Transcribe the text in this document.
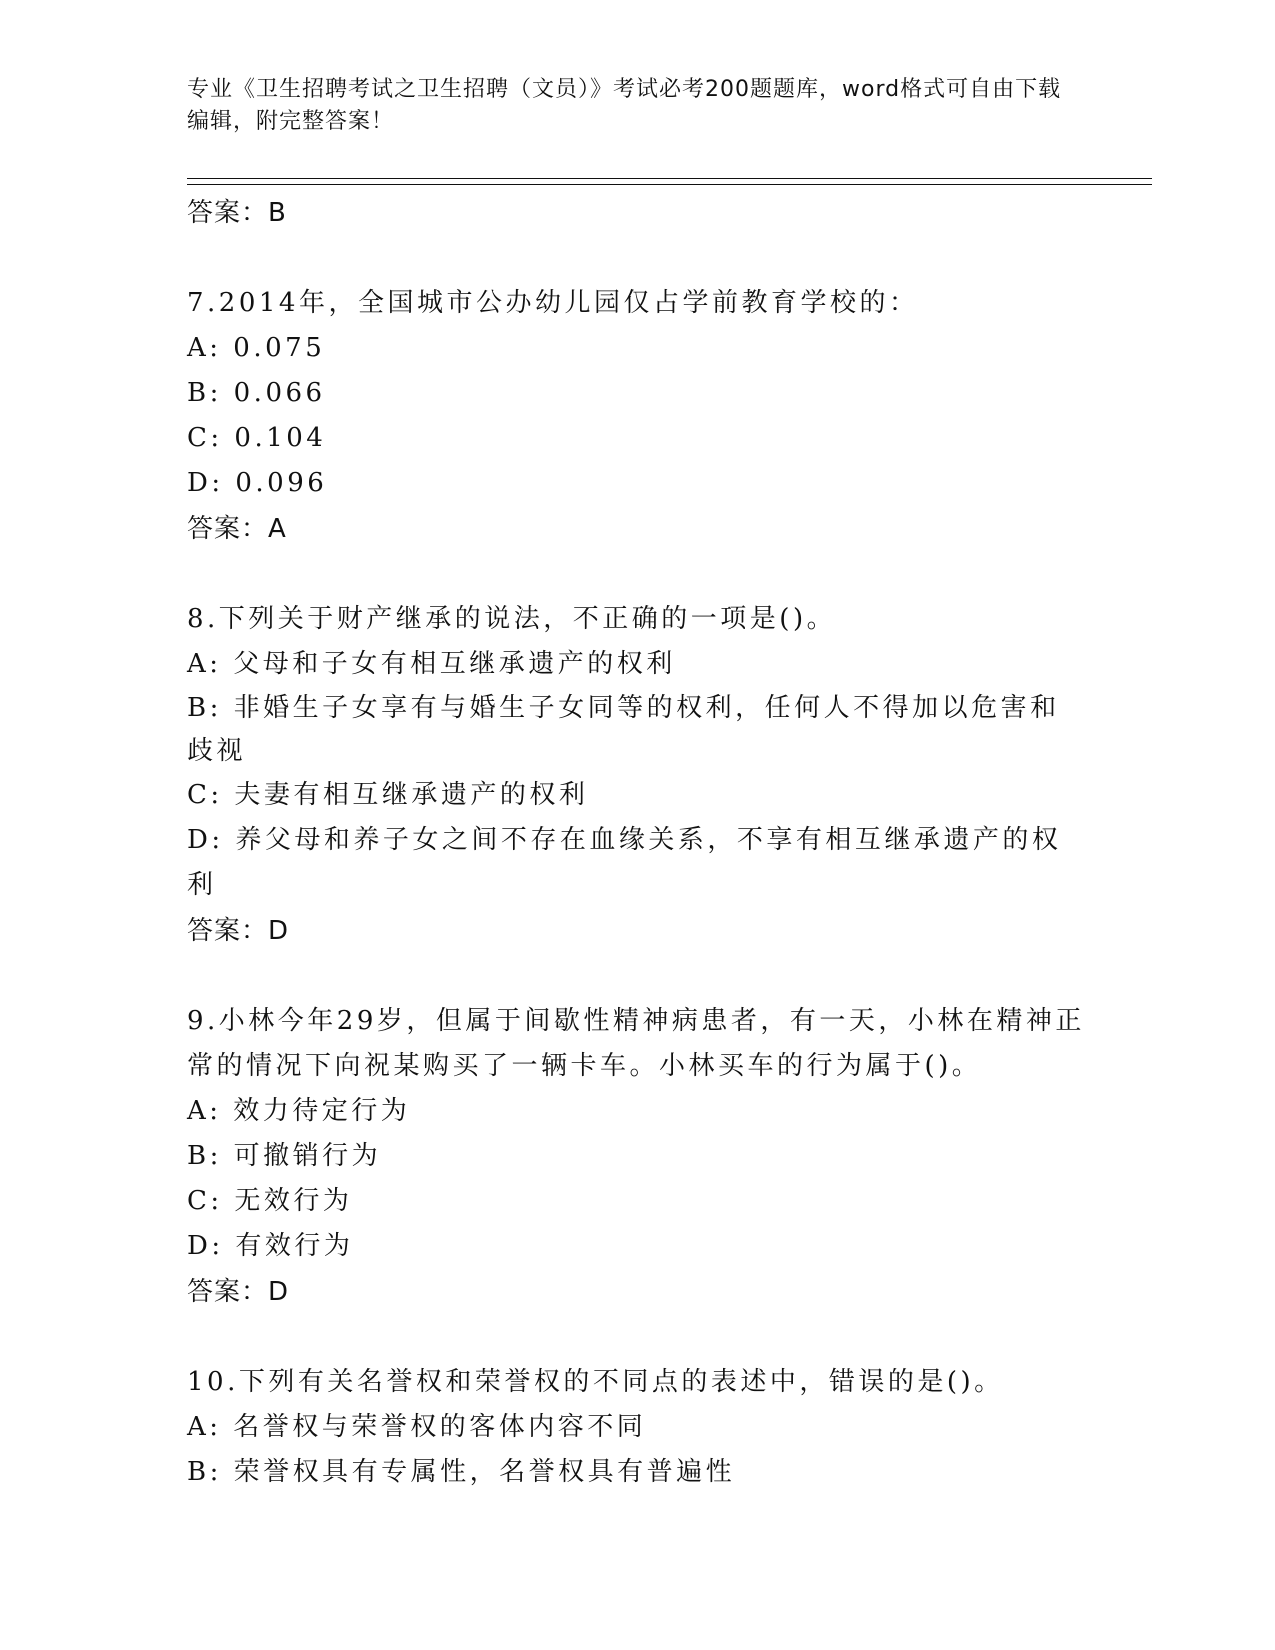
专业《卫生招聘考试之卫生招聘（文员）》考试必考200题题库，word格式可自由下载编辑，附完整答案！
答案：B
7.2014年，全国城市公办幼儿园仅占学前教育学校的：
A: 0.075
B: 0.066
C: 0.104
D: 0.096
答案：A
8.下列关于财产继承的说法，不正确的一项是()。
A: 父母和子女有相互继承遗产的权利
B: 非婚生子女享有与婚生子女同等的权利，任何人不得加以危害和歧视
C: 夫妻有相互继承遗产的权利
D: 养父母和养子女之间不存在血缘关系，不享有相互继承遗产的权利
答案：D
9.小林今年29岁，但属于间歇性精神病患者，有一天，小林在精神正常的情况下向祝某购买了一辆卡车。小林买车的行为属于()。
A: 效力待定行为
B: 可撤销行为
C: 无效行为
D: 有效行为
答案：D
10.下列有关名誉权和荣誉权的不同点的表述中，错误的是()。
A: 名誉权与荣誉权的客体内容不同
B: 荣誉权具有专属性，名誉权具有普遍性
